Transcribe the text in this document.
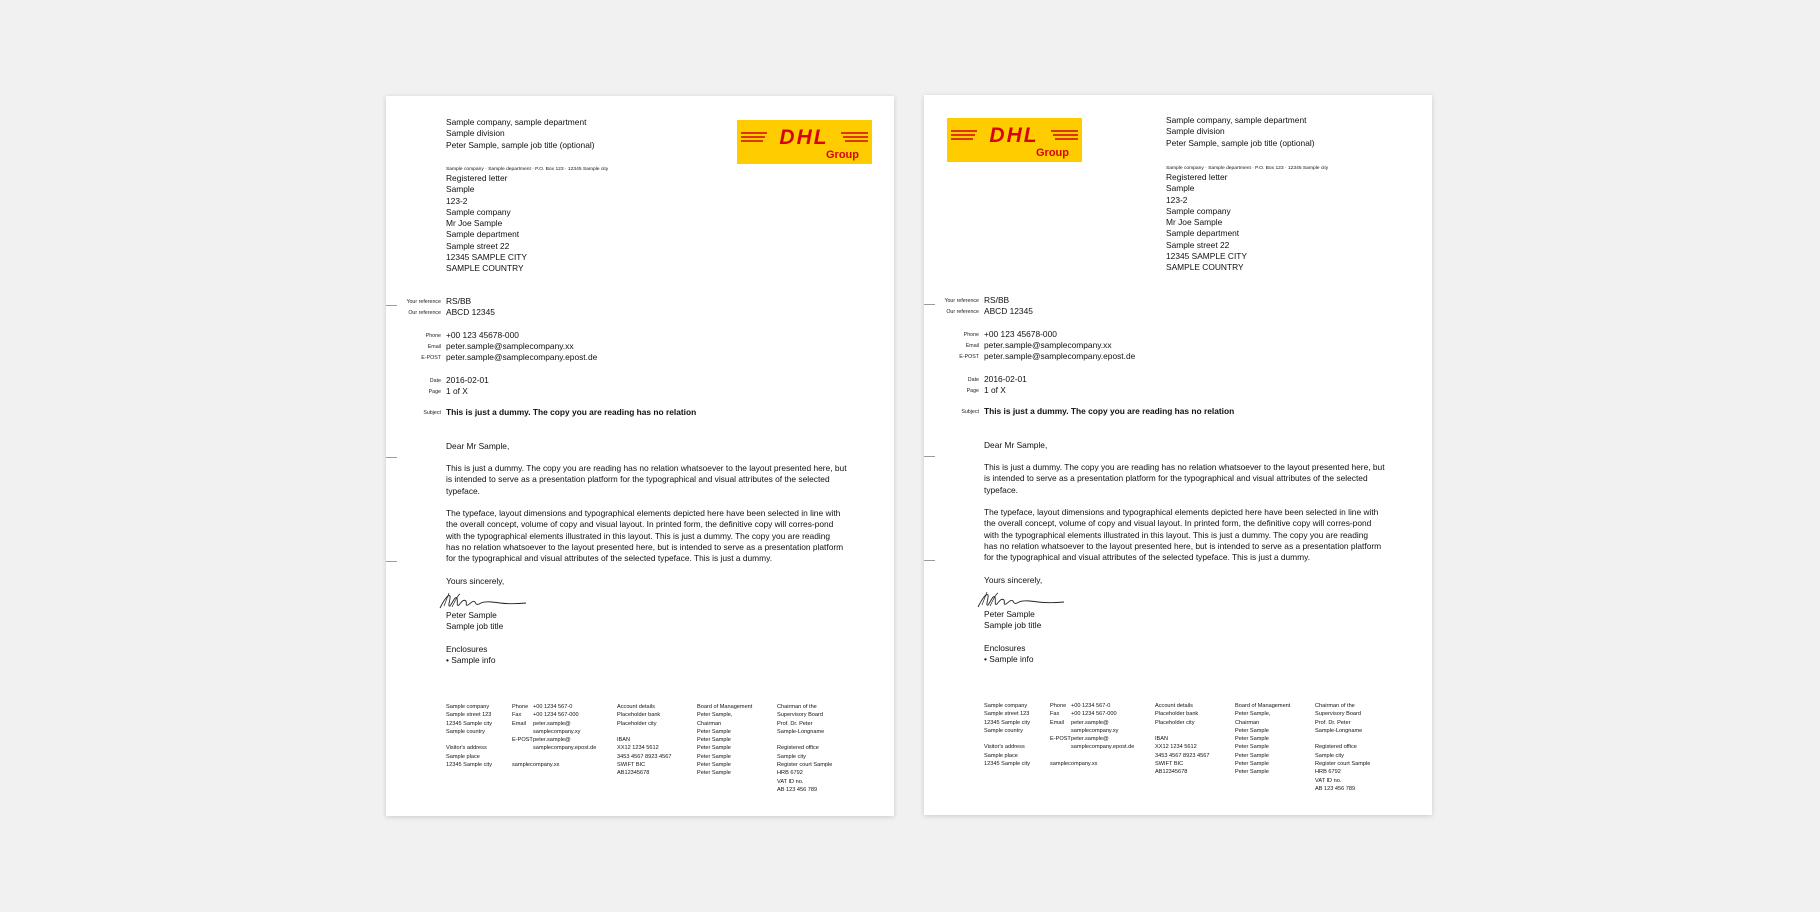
DHL
Group
Sample company, sample department
Sample division
Peter Sample, sample job title (optional)
Sample company · Sample department · P.O. Box 123 · 12345 Sample city
Registered letter
Sample
123-2
Sample company
Mr Joe Sample
Sample department
Sample street 22
12345 SAMPLE CITY
SAMPLE COUNTRY
Your reference RS/BB
Our reference ABCD 12345
Phone +00 123 45678-000
Email peter.sample@samplecompany.xx
E-POST peter.sample@samplecompany.epost.de
Date 2016-02-01
Page 1 of X
Subject This is just a dummy. The copy you are reading has no relation
Dear Mr Sample,
This is just a dummy. The copy you are reading has no relation whatsoever to the layout presented here, but
is intended to serve as a presentation platform for the typographical and visual attributes of the selected
typeface.
The typeface, layout dimensions and typographical elements depicted here have been selected in line with
the overall concept, volume of copy and visual layout. In printed form, the definitive copy will corres-pond
with the typographical elements illustrated in this layout. This is just a dummy. The copy you are reading
has no relation whatsoever to the layout presented here, but is intended to serve as a presentation platform
for the typographical and visual attributes of the selected typeface. This is just a dummy.
Yours sincerely,
Peter Sample
Sample job title
Enclosures
• Sample info
Sample company
Sample street 123
12345 Sample city
Sample country
Visitor's address
Sample place
12345 Sample city
Phone
Fax
Email
E-POST
+00 1234 567-0
+00 1234 567-000
peter.sample@
samplecompany.xy
peter.sample@
samplecompany.epost.de
samplecompany.xx
Account details
Placeholder bank
Placeholder city
IBAN
XX12 1234 5612
3453 4567 8923 4567
SWIFT BIC
AB12345678
Board of Management
Peter Sample,
Chairman
Peter Sample
Peter Sample
Peter Sample
Peter Sample
Peter Sample
Peter Sample
Chairman of the
Supervisory Board
Prof. Dr. Peter
Sample-Longname
Registered office
Sample city
Register court Sample
HRB 6792
VAT ID no.
AB 123 456 789
DHL
Group
Sample company, sample department
Sample division
Peter Sample, sample job title (optional)
Sample company · Sample department · P.O. Box 123 · 12345 Sample city
Registered letter
Sample
123-2
Sample company
Mr Joe Sample
Sample department
Sample street 22
12345 SAMPLE CITY
SAMPLE COUNTRY
Your reference RS/BB
Our reference ABCD 12345
Phone +00 123 45678-000
Email peter.sample@samplecompany.xx
E-POST peter.sample@samplecompany.epost.de
Date 2016-02-01
Page 1 of X
Subject This is just a dummy. The copy you are reading has no relation
Dear Mr Sample,
This is just a dummy. The copy you are reading has no relation whatsoever to the layout presented here, but
is intended to serve as a presentation platform for the typographical and visual attributes of the selected
typeface.
The typeface, layout dimensions and typographical elements depicted here have been selected in line with
the overall concept, volume of copy and visual layout. In printed form, the definitive copy will corres-pond
with the typographical elements illustrated in this layout. This is just a dummy. The copy you are reading
has no relation whatsoever to the layout presented here, but is intended to serve as a presentation platform
for the typographical and visual attributes of the selected typeface. This is just a dummy.
Yours sincerely,
Peter Sample
Sample job title
Enclosures
• Sample info
Sample company
Sample street 123
12345 Sample city
Sample country
Visitor's address
Sample place
12345 Sample city
Phone
Fax
Email
E-POST
+00 1234 567-0
+00 1234 567-000
peter.sample@
samplecompany.xy
peter.sample@
samplecompany.epost.de
samplecompany.xx
Account details
Placeholder bank
Placeholder city
IBAN
XX12 1234 5612
3453 4567 8923 4567
SWIFT BIC
AB12345678
Board of Management
Peter Sample,
Chairman
Peter Sample
Peter Sample
Peter Sample
Peter Sample
Peter Sample
Peter Sample
Chairman of the
Supervisory Board
Prof. Dr. Peter
Sample-Longname
Registered office
Sample city
Register court Sample
HRB 6792
VAT ID no.
AB 123 456 789
